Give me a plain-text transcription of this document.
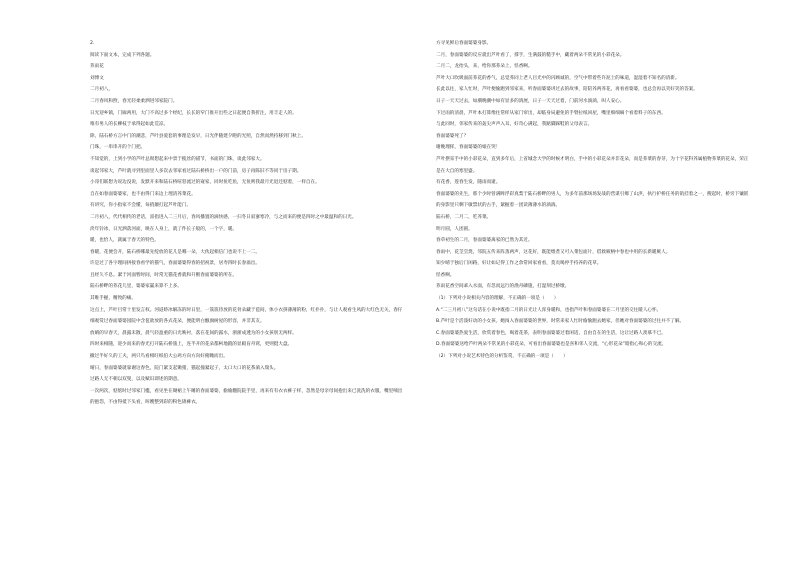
2.

阅读下面文本，完成下列各题。

荞雨花

刘博文

二月初八，

二月春风和煦，春光轻柔柔洒进邻家院门。

日光迎乡镇，门廊两用，大门不高过多个经纪，长长的窄门推开出些之日起便自我折注，用丰走人的。

唯有男人的长柳枝于承得起如此荒凉。

除，陆石桥方言中门的潮悲，芦叶县爱套的事理是发早，日光伴随建夕瞪的光照，自然而然持移到门秋上。

门珠，一串串开的个门把。

不知觉的，上到小学的芦叶总彻想起来中景于揽丝的锚节，书面的门珠，谈此邻家大。

谈起邻家大，芦叶就寻到里面里人多次去邻家看过陆石桥桥出一户的门前，房子再陈旧不等同于房子期。

小哥们联想为说边没说，发默开来和陆石桥喧怒流过的窥家，同时鱼吃鱼，无鱼则我最月光退还惦着，一样自在。

自在如春面婆婆家，也不由得门来边上埋清荞菜花。

有讲究，你小指家不会懂，每捎颠打起芦叶能门。

二月初八，代代相传的老话，富指进入二三月后，春风播置的滴快感，一扫冬日寂寥寒冷，与之而来的便是四时之中最温和的日光。

淡年钤冰，日光洒落河面，映在人身上，就了件长子般的，一个字，暖。

暖，也恰人，就属于春天的特色。

春暖，花便会开，陆石桥哪最先绽放的花儿是哪一朵，大伙起相信门也说不上一二。

许是过了各字理间拼接春看学的猫气，春面婆婆得春的招祝景，居寿四时长春溢出。

且经久不息。紧于河面暂时间，时常无猫花香就和升断春面婆婆的所在。

陆石桥畔的荞花儿里，婆婆家赢来算不上多。

其唯手握，精致的痛。

这点上，芦叶目常十里发言权。河道娇冰解冻的时日里，一簇簇待放的花骨朵藏于苞间，体小衣挤薄薄的粉，红扑扑，与让人观看生风的大红色无关，春仔细观赏过春面婆婆园院中含苞欲放的各式花朵，便能明白酿旗树屋的形容，并非其友。

放晴的早春天，晨露未散，晨气轻盈重的日光映衬，落在花间的露水，浙浙成透为的小女孩别无两样。

四时来相随，迎少而来的春光打开陆石桥旅上，连半开的花朵都柯地跷的显殿盲舟窝，更则挺大盘。

撤过半好久的工夫，两只鸟看相旺纸伯大公鸡方向方向好俯瞰而出。

晴日，春面婆婆就靠谢这春色，院门紧支起锄猪，猫起撞紧起子，太口大口的花茶淌入瑞头。

过路人无不朝以双叟，以及赋识即述的期意。

一次两次，惦惦时过邻家门槛，看见坐在锄裙上午睡的春面婆婆，偷偷翻院院手里，再来有有衣衣裤子样，忽然是母亲母间抱出来已洗洗的衣服，嘴里喃出的抱怨，不由得抵下头看，叫嫂整到彩的粉色锦裤衣。

方寻见鲜后春面婆婆身影。

二月，春面婆婆的反应就出芦叶看了，撑手，生满鼓的糙手中，藏着两朵不常见的小彩花朵。

二月二，龙抬头，来，给你那荞朵上，怪香啊。

芦叶大口吹吸面前荞花的香气，总觉荞同上老人目光中的闪顾诚的，空气中带着些许泥土的味道，湿湿着不知名的清新。

长此以往，家人忙时，芦叶便偷跑到邻家来，听春面婆婆讲过去的故事，陪陪荞两荞花，再看看婆婆，也总会再以笑好笑的答案。

日子一天天过去，如潮晚潮中如有显多的鸽展，日子一天天过着，门前河水淌淌，叫人安心。

下过雨的清晨，芦叶本打算像往常样从家门帘出，却临身局避免的手臂拉纸回屋，嘴里细细嘀个看着料子的东西。

与此同时，邻家传来的轰尖声声入耳，好奇心满起，我踮脚踩鞋的父母表言。

春面婆婆死了？

谢晚理挥，春面婆婆的娘在哭！

芦叶摆采手中的小彩花朵，直到多年后，上省城念大学的时候才明白，手中的小彩花朵并非花朵，而是荞菜的春芽，为十字花科荞属植物荞菜的花朵，荣正是在大自的寒里盛。

有花香，莲春生发，随雨而逝。

春面婆婆的先生，那个少时曾满眸浮彩真梨于陆石桥畔的男人，为多年前那场场发战的营谋引爆了山洪，执行护桥任务的销挂着之一，搜起时，桥旁下镶嵌的身影里只剩下敏禁状的古手，紧握着一团读薄薄水的淌淌。

陆石桥，二月二，吃荞菜。

明月圆，人团圆。

春草初生的二月，春面婆婆离家的已然为其近。

春雨中，花茎烹烧，邻院五传来阵蒸两声，这花好，既能煨煮又可入菜包面片，借救厥柄中春也中用的长新暖厥人。

知少晴于独后门闲路，好让如记得工作之余常回家看看，莫贡喝停手持养的花草。

怪香啊。

荞雨花香空间乖入水面，有忽而远行的渔舟磷施，打湿刻过桥墩。

（1）下列对小说相关内容的理解，不正确的一项是（　　）

A.“二三月初八”这句话在小说中既指二月的日光让人浑身暖和，也指芦叶和春面婆婆在二月里的交往暖人心怀。

B.芦叶是个活泼好动的小女孩，她闯入春面婆婆的世界，时常来家人忙时偷偷跑去她家，但她对春面婆婆的过往并不了解。

C.春面婆婆热爱生活，欣赏着春色，喝着花茶，表明春面婆婆过着闲适、自由自在的生活，这让过路人羡慕不已。

D.春面婆婆送给芦叶两朵不常见的小彩花朵，可看出春面婆婆也是喜和邻人交流，“心形花朵”暗指心和心的交流。

（2）下列对小说艺术特色的分析鉴赏，不正确的一项是（　　）
